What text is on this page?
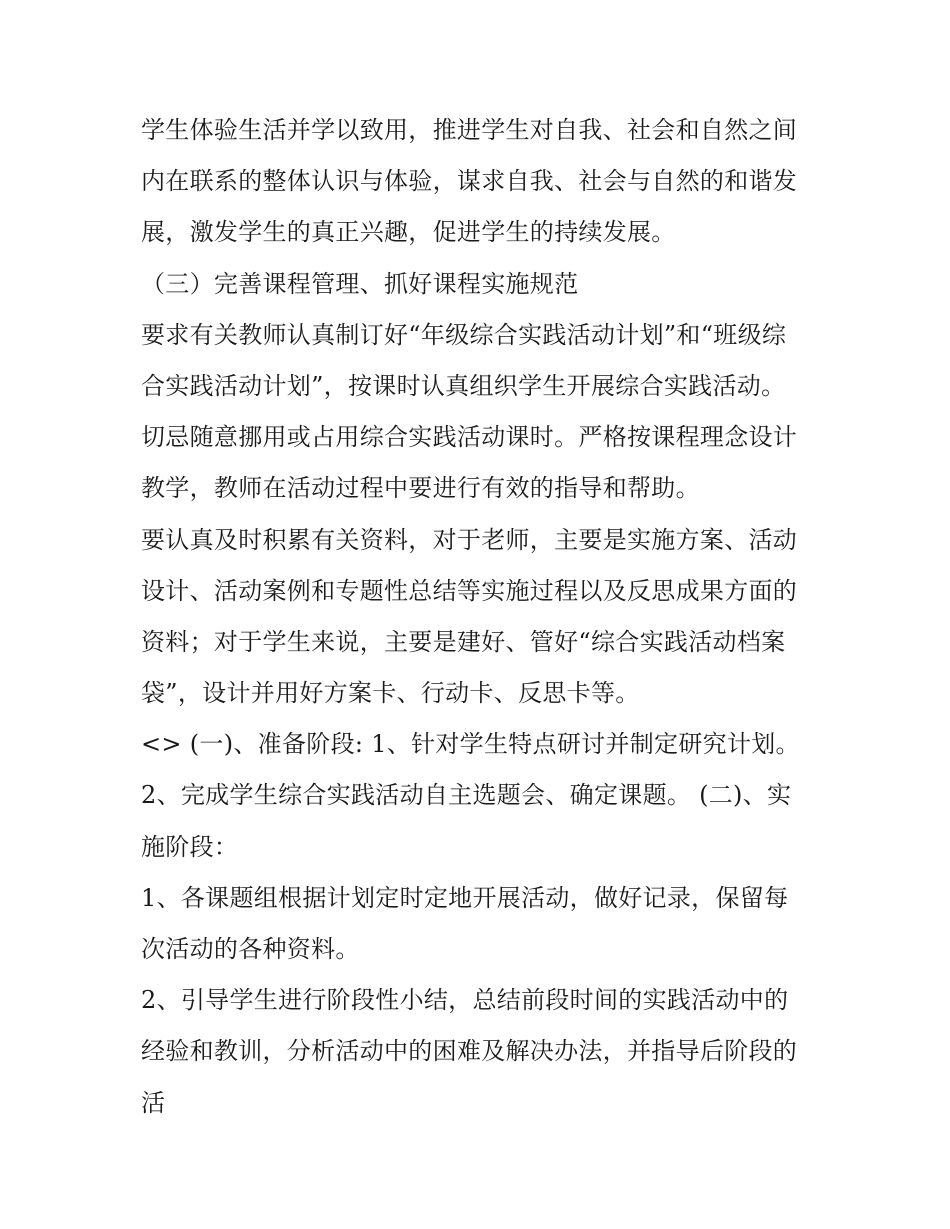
学生体验生活并学以致用，推进学生对自我、社会和自然之间
内在联系的整体认识与体验，谋求自我、社会与自然的和谐发
展，激发学生的真正兴趣，促进学生的持续发展。
（三）完善课程管理、抓好课程实施规范
要求有关教师认真制订好“年级综合实践活动计划”和“班级综
合实践活动计划”，按课时认真组织学生开展综合实践活动。
切忌随意挪用或占用综合实践活动课时。严格按课程理念设计
教学，教师在活动过程中要进行有效的指导和帮助。
要认真及时积累有关资料，对于老师，主要是实施方案、活动
设计、活动案例和专题性总结等实施过程以及反思成果方面的
资料；对于学生来说，主要是建好、管好“综合实践活动档案
袋”，设计并用好方案卡、行动卡、反思卡等。
<> (一)、准备阶段: 1、针对学生特点研讨并制定研究计划。
2、完成学生综合实践活动自主选题会、确定课题。 (二)、实
施阶段：
1、各课题组根据计划定时定地开展活动，做好记录，保留每
次活动的各种资料。
2、引导学生进行阶段性小结，总结前段时间的实践活动中的
经验和教训，分析活动中的困难及解决办法，并指导后阶段的
活
